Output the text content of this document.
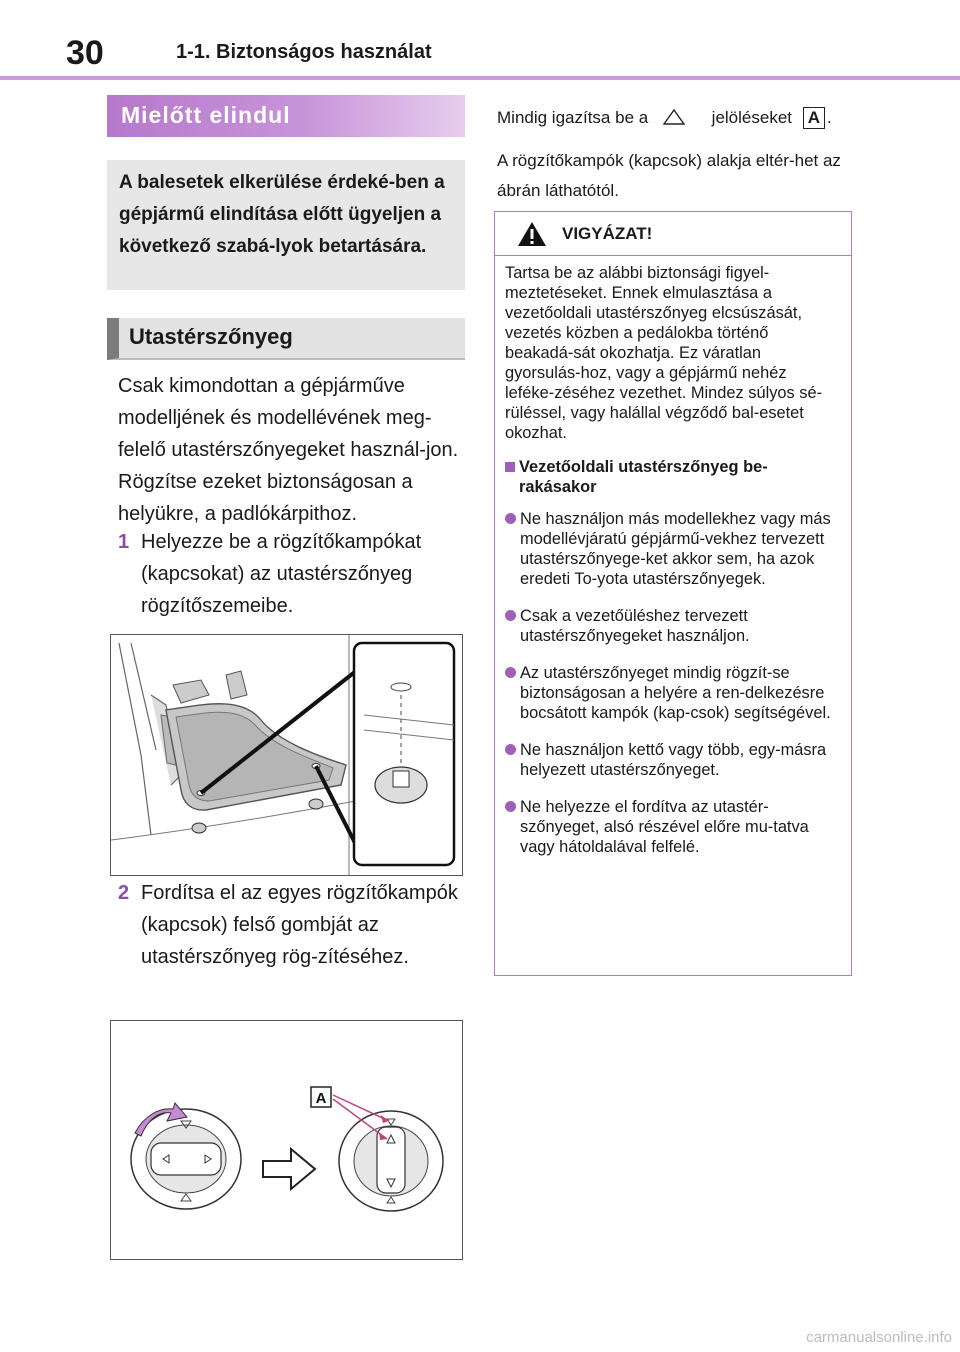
30	1-1. Biztonságos használat
Mielőtt elindul
A balesetek elkerülése érdeké-ben a gépjármű elindítása előtt ügyeljen a következő szabá-lyok betartására.
Utastérszőnyeg
Csak kimondottan a gépjárműve modelljének és modellévének meg-felelő utastérszőnyegeket használ-jon. Rögzítse ezeket biztonságosan a helyükre, a padlókárpithoz.
1 Helyezze be a rögzítőkampókat (kapcsokat) az utastérszőnyeg rögzítőszemeibe.
2 Fordítsa el az egyes rögzítőkampók (kapcsok) felső gombját az utastérszőnyeg rög-zítéséhez.
A
Mindig igazítsa be a	jelöléseket A .
A rögzítőkampók (kapcsok) alakja eltér-het az ábrán láthatótól.
VIGYÁZAT!
Tartsa be az alábbi biztonsági figyel-meztetéseket. Ennek elmulasztása a vezetőoldali utastérszőnyeg elcsúszását, vezetés közben a pedálokba történő beakadá-sát okozhatja. Ez váratlan gyorsulás-hoz, vagy a gépjármű nehéz leféke-zéséhez vezethet. Mindez súlyos sé-rüléssel, vagy halállal végződő bal-esetet okozhat.
Vezetőoldali utastérszőnyeg be-rakásakor
Ne használjon más modellekhez vagy más modellévjáratú gépjármű-vekhez tervezett utastérszőnyege-ket akkor sem, ha azok eredeti To-yota utastérszőnyegek.
Csak a vezetőüléshez tervezett utastérszőnyegeket használjon.
Az utastérszőnyeget mindig rögzít-se biztonságosan a helyére a ren-delkezésre bocsátott kampók (kap-csok) segítségével.
Ne használjon kettő vagy több, egy-másra helyezett utastérszőnyeget.
Ne helyezze el fordítva az utastér-szőnyeget, alsó részével előre mu-tatva vagy hátoldalával felfelé.
carmanualsonline.info
